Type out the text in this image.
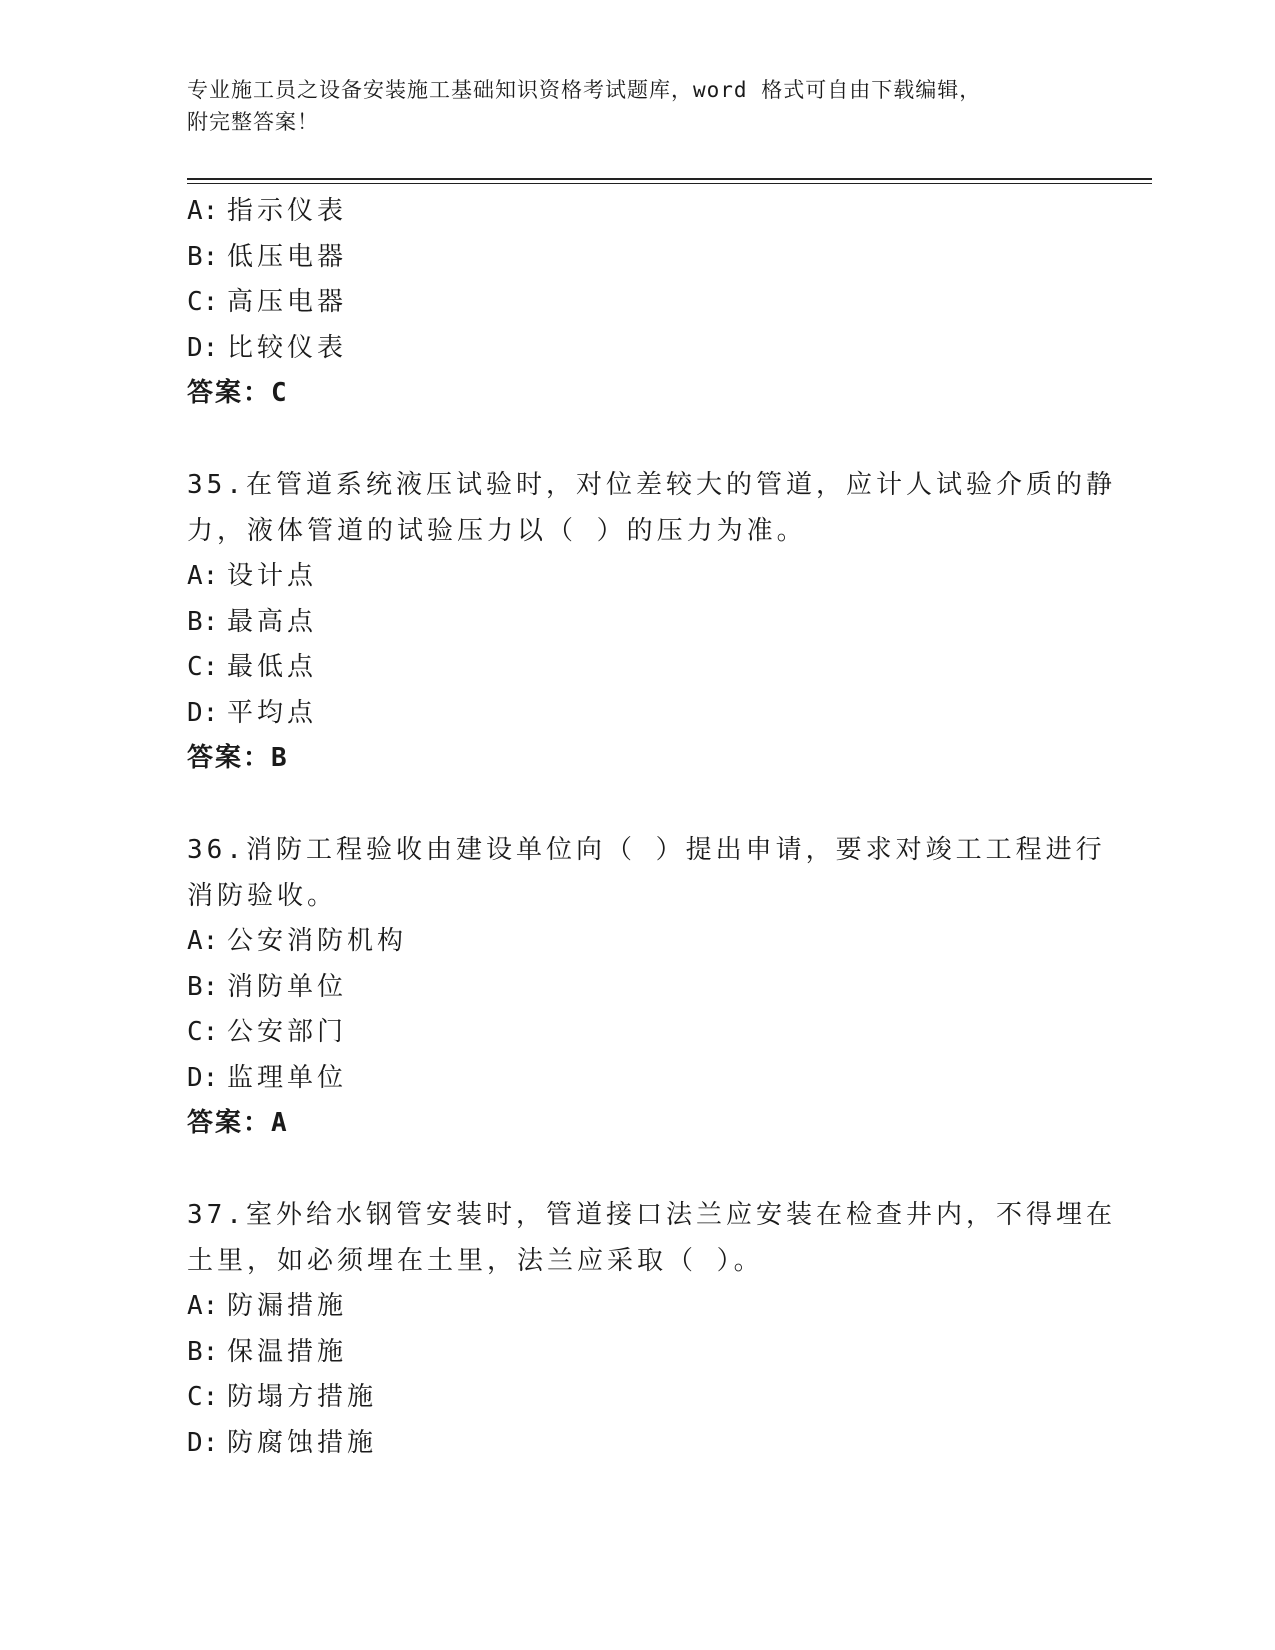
专业施工员之设备安装施工基础知识资格考试题库，word 格式可自由下载编辑，
附完整答案！
A: 指示仪表
B: 低压电器
C: 高压电器
D: 比较仪表
答案：C
35.在管道系统液压试验时，对位差较大的管道，应计人试验介质的静
力，液体管道的试验压力以（ ）的压力为准。
A: 设计点
B: 最高点
C: 最低点
D: 平均点
答案：B
36.消防工程验收由建设单位向（ ）提出申请，要求对竣工工程进行
消防验收。
A: 公安消防机构
B: 消防单位
C: 公安部门
D: 监理单位
答案：A
37.室外给水钢管安装时，管道接口法兰应安装在检查井内，不得埋在
土里，如必须埋在土里，法兰应采取（ ）。
A: 防漏措施
B: 保温措施
C: 防塌方措施
D: 防腐蚀措施
